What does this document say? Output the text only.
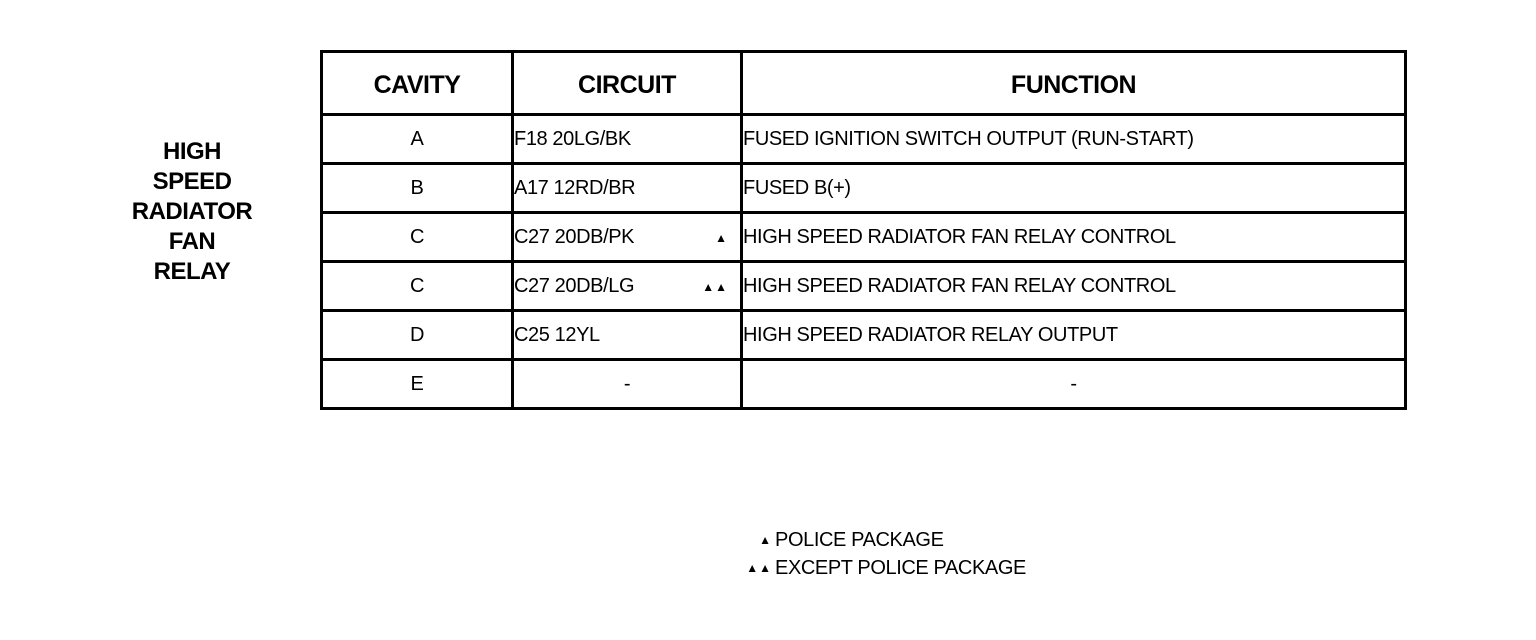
HIGH
SPEED
RADIATOR
FAN
RELAY
CAVITY	CIRCUIT	FUNCTION
A	F18 20LG/BK	FUSED IGNITION SWITCH OUTPUT (RUN-START)
B	A17 12RD/BR	FUSED B(+)
C	C27 20DB/PK ▲	HIGH SPEED RADIATOR FAN RELAY CONTROL
C	C27 20DB/LG ▲▲	HIGH SPEED RADIATOR FAN RELAY CONTROL
D	C25 12YL	HIGH SPEED RADIATOR RELAY OUTPUT
E	-	-
▲ POLICE PACKAGE
▲▲ EXCEPT POLICE PACKAGE
